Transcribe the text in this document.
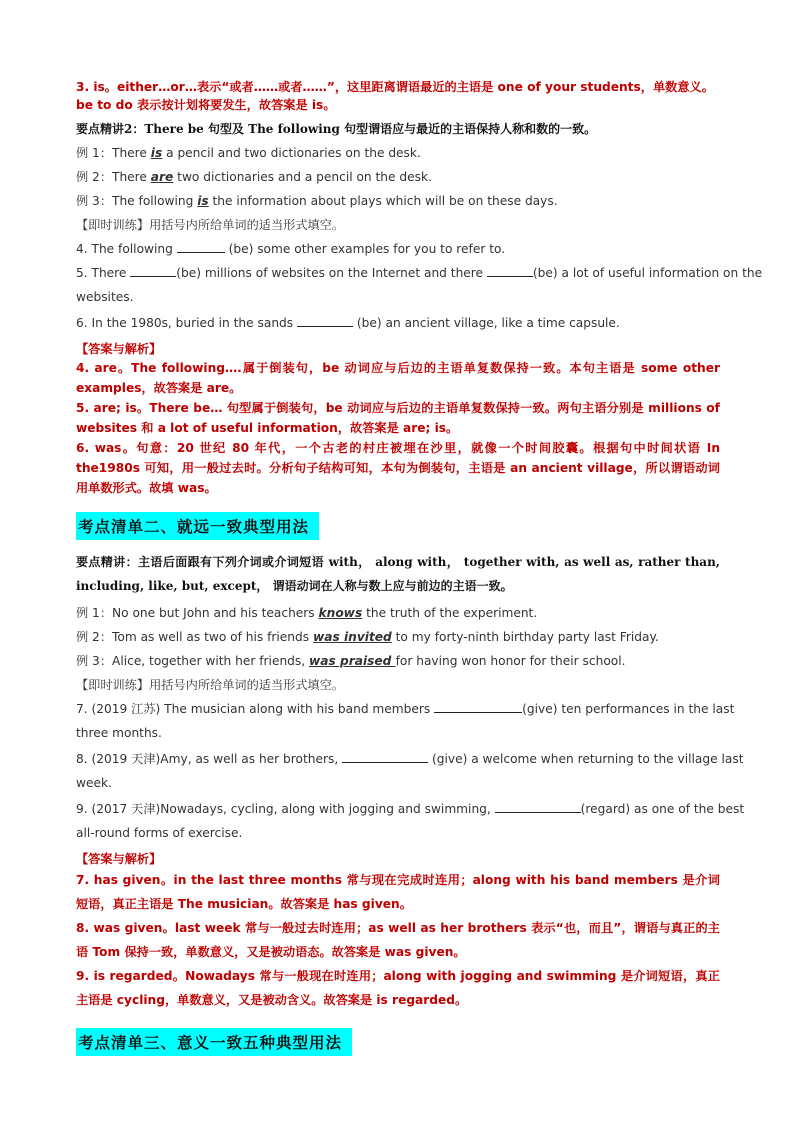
3. is。either…or…表示“或者……或者……”，这里距离谓语最近的主语是 one of your students，单数意义。
be to do 表示按计划将要发生，故答案是 is。
要点精讲2：There be 句型及 The following 句型谓语应与最近的主语保持人称和数的一致。
例 1：There is a pencil and two dictionaries on the desk.
例 2：There are two dictionaries and a pencil on the desk.
例 3：The following is the information about plays which will be on these days.
【即时训练】用括号内所给单词的适当形式填空。
4. The following	(be) some other examples for you to refer to.
5. There	(be) millions of websites on the Internet and there	(be) a lot of useful information on the
websites.
6. In the 1980s, buried in the sands	(be) an ancient village, like a time capsule.
【答案与解析】
4. are。The following….属于倒装句，be 动词应与后边的主语单复数保持一致。本句主语是 some other examples，故答案是 are。
5. are; is。There be… 句型属于倒装句，be 动词应与后边的主语单复数保持一致。两句主语分别是 millions of websites 和 a lot of useful information，故答案是 are; is。
6. was。句意：20 世纪 80 年代，一个古老的村庄被埋在沙里，就像一个时间胶囊。根据句中时间状语 In the1980s 可知，用一般过去时。分析句子结构可知，本句为倒装句，主语是 an ancient village，所以谓语动词用单数形式。故填 was。
考点清单二、就远一致典型用法
要点精讲：主语后面跟有下列介词或介词短语 with， along with， together with, as well as, rather than, including, like, but, except， 谓语动词在人称与数上应与前边的主语一致。
例 1：No one but John and his teachers knows the truth of the experiment.
例 2：Tom as well as two of his friends was invited to my forty-ninth birthday party last Friday.
例 3：Alice, together with her friends, was praised for having won honor for their school.
【即时训练】用括号内所给单词的适当形式填空。
7. (2019 江苏) The musician along with his band members	(give) ten performances in the last
three months.
8. (2019 天津)Amy, as well as her brothers,	(give) a welcome when returning to the village last
week.
9. (2017 天津)Nowadays, cycling, along with jogging and swimming,	(regard) as one of the best
all-round forms of exercise.
【答案与解析】
7. has given。in the last three months 常与现在完成时连用；along with his band members 是介词短语，真正主语是 The musician。故答案是 has given。
8. was given。last week 常与一般过去时连用；as well as her brothers 表示“也，而且”，谓语与真正的主语 Tom 保持一致，单数意义，又是被动语态。故答案是 was given。
9. is regarded。Nowadays 常与一般现在时连用；along with jogging and swimming 是介词短语，真正主语是 cycling，单数意义，又是被动含义。故答案是 is regarded。
考点清单三、意义一致五种典型用法
